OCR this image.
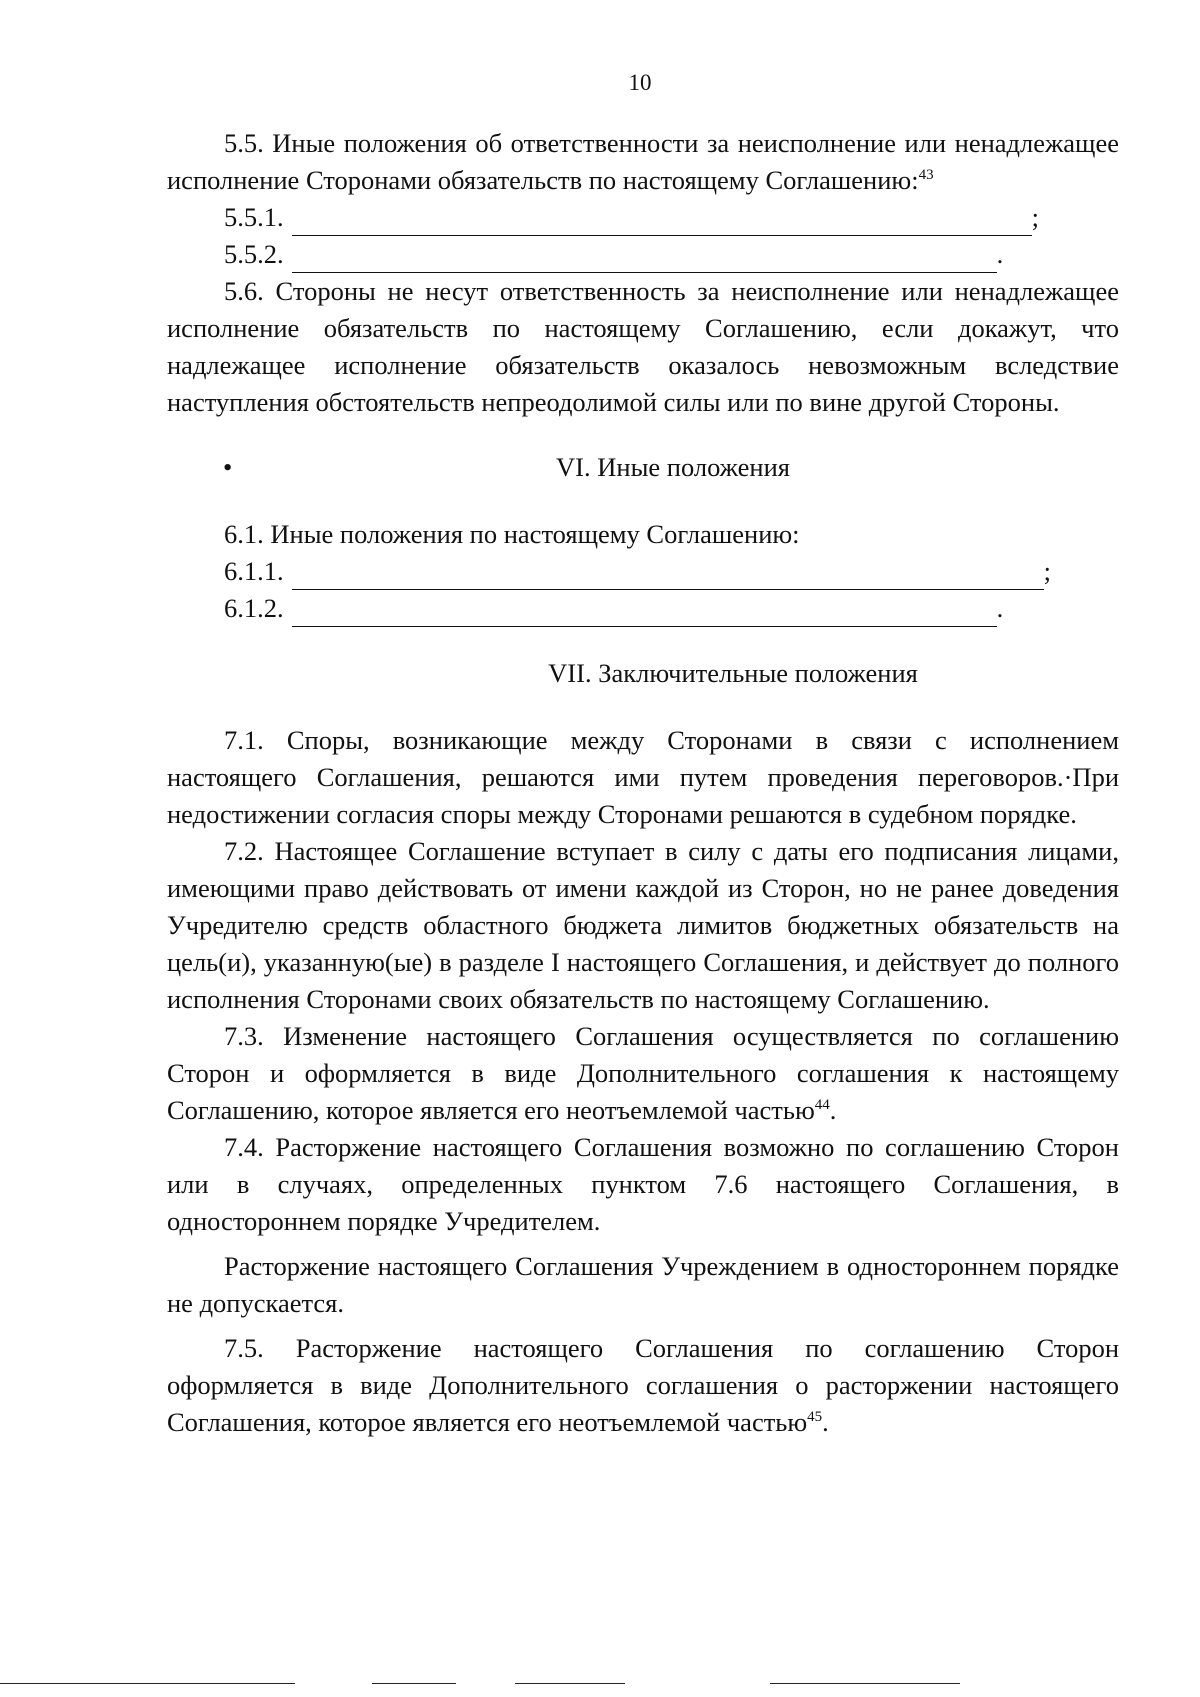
10

5.5. Иные положения об ответственности за неисполнение или ненадлежащее исполнение Сторонами обязательств по настоящему Соглашению:$^{43}$

5.5.1.	;
5.5.2.	.

5.6. Стороны не несут ответственность за неисполнение или ненадлежащее исполнение обязательств по настоящему Соглашению, если докажут, что надлежащее исполнение обязательств оказалось невозможным вследствие наступления обстоятельств непреодолимой силы или по вине другой Стороны.

•	VI. Иные положения

6.1. Иные положения по настоящему Соглашению:

6.1.1.	;
6.1.2.	.
VII. Заключительные положения

7.1. Споры, возникающие между Сторонами в связи с исполнением настоящего Соглашения, решаются ими путем проведения переговоров.·При недостижении согласия споры между Сторонами решаются в судебном порядке.

7.2. Настоящее Соглашение вступает в силу с даты его подписания лицами, имеющими право действовать от имени каждой из Сторон, но не ранее доведения Учредителю средств областного бюджета лимитов бюджетных обязательств на цель(и), указанную(ые) в разделе I настоящего Соглашения, и действует до полного исполнения Сторонами своих обязательств по настоящему Соглашению.

7.3. Изменение настоящего Соглашения осуществляется по соглашению Сторон и оформляется в виде Дополнительного соглашения к настоящему Соглашению, которое является его неотъемлемой частью$^{44}$.

7.4. Расторжение настоящего Соглашения возможно по соглашению Сторон или в случаях, определенных пунктом 7.6 настоящего Соглашения, в одностороннем порядке Учредителем.

Расторжение настоящего Соглашения Учреждением в одностороннем порядке не допускается.

7.5. Расторжение настоящего Соглашения по соглашению Сторон оформляется в виде Дополнительного соглашения о расторжении настоящего Соглашения, которое является его неотъемлемой частью$^{45}$.
